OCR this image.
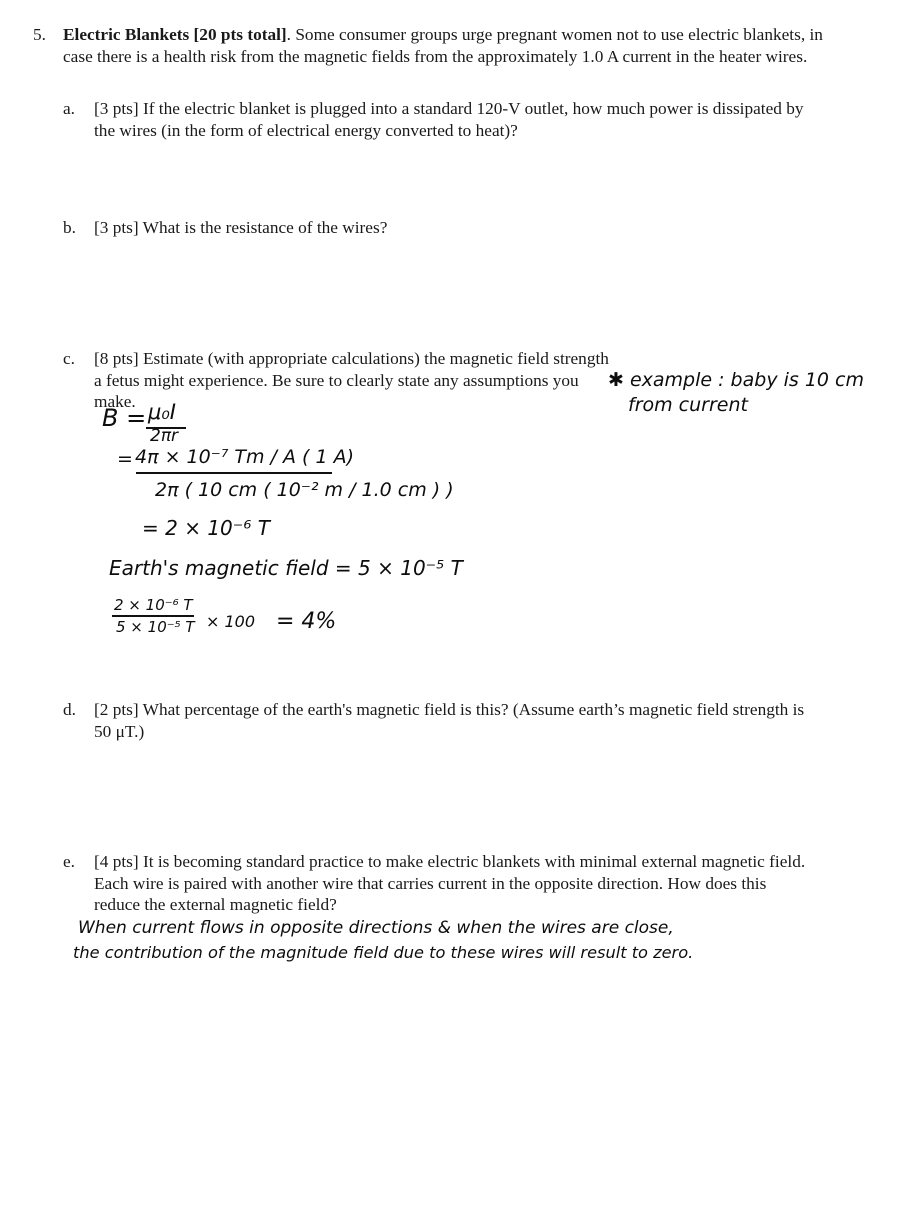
5. Electric Blankets [20 pts total]. Some consumer groups urge pregnant women not to use electric blankets, in case there is a health risk from the magnetic fields from the approximately 1.0 A current in the heater wires.
a. [3 pts] If the electric blanket is plugged into a standard 120-V outlet, how much power is dissipated by the wires (in the form of electrical energy converted to heat)?
b. [3 pts] What is the resistance of the wires?
c. [8 pts] Estimate (with appropriate calculations) the magnetic field strength a fetus might experience. Be sure to clearly state any assumptions you make.
✱ example : baby is 10 cm
from current
B = μ₀I
2πr
= 4π × 10⁻⁷ Tm / A ( 1 A)
2π ( 10 cm ( 10⁻² m / 1.0 cm ) )
= 2 × 10⁻⁶ T
Earth's magnetic field = 5 × 10⁻⁵ T
2 × 10⁻⁶ T
5 × 10⁻⁵ T × 100 = 4%
d. [2 pts] What percentage of the earth's magnetic field is this? (Assume earth’s magnetic field strength is 50 μT.)
e. [4 pts] It is becoming standard practice to make electric blankets with minimal external magnetic field. Each wire is paired with another wire that carries current in the opposite direction. How does this reduce the external magnetic field?
When current flows in opposite directions & when the wires are close,
the contribution of the magnitude field due to these wires will result to zero.
